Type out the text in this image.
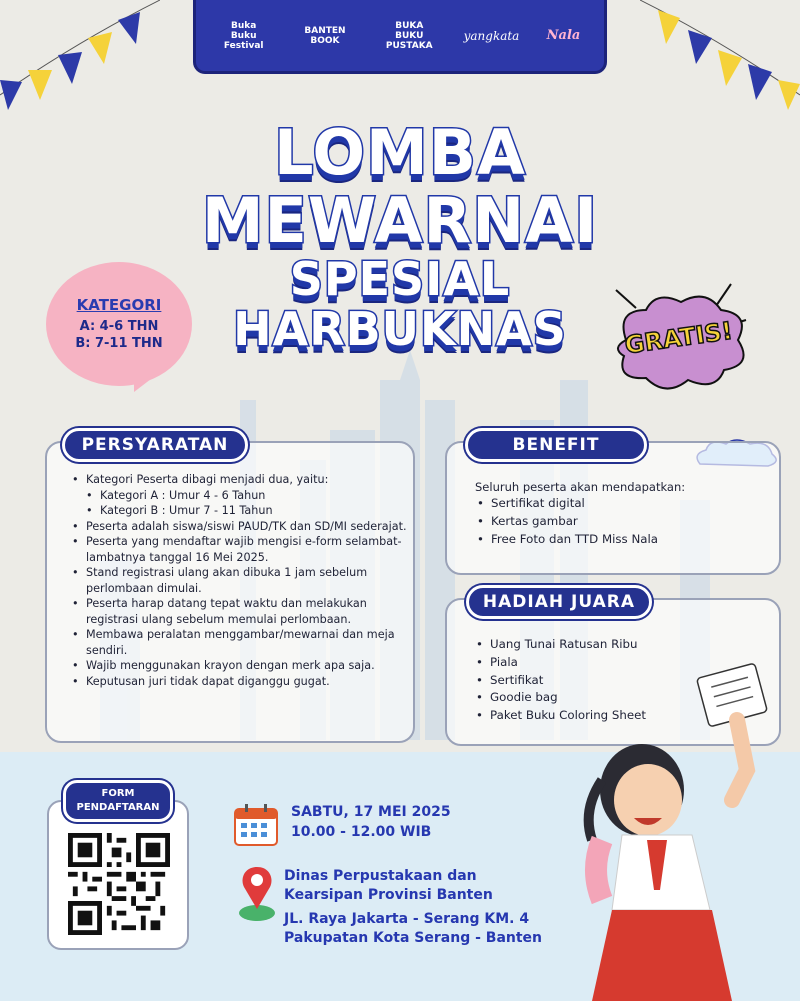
Buka Buku Festival
BANTEN BOOK
BUKA BUKU PUSTAKA
yangkata Nala
LOMBA
MEWARNAI
SPESIAL
HARBUKNAS
KATEGORI
A: 4-6 THN
B: 7-11 THN	GRATIS!
PERSYARATAN
• Kategori Peserta dibagi menjadi dua, yaitu:
• Kategori A : Umur 4 - 6 Tahun
• Kategori B : Umur 7 - 11 Tahun
• Peserta adalah siswa/siswi PAUD/TK dan SD/MI sederajat.
• Peserta yang mendaftar wajib mengisi e-form selambat-lambatnya tanggal 16 Mei 2025.
• Stand registrasi ulang akan dibuka 1 jam sebelum perlombaan dimulai.
• Peserta harap datang tepat waktu dan melakukan registrasi ulang sebelum memulai perlombaan.
• Membawa peralatan menggambar/mewarnai dan meja sendiri.
• Wajib menggunakan krayon dengan merk apa saja.
• Keputusan juri tidak dapat diganggu gugat.
BENEFIT
Seluruh peserta akan mendapatkan:
• Sertifikat digital
• Kertas gambar
• Free Foto dan TTD Miss Nala
HADIAH JUARA
• Uang Tunai Ratusan Ribu
• Piala
• Sertifikat
• Goodie bag
• Paket Buku Coloring Sheet
FORM
PENDAFTARAN	SABTU, 17 MEI 2025
10.00 - 12.00 WIB
Dinas Perpustakaan dan
Kearsipan Provinsi Banten
JL. Raya Jakarta - Serang KM. 4
Pakupatan Kota Serang - Banten
